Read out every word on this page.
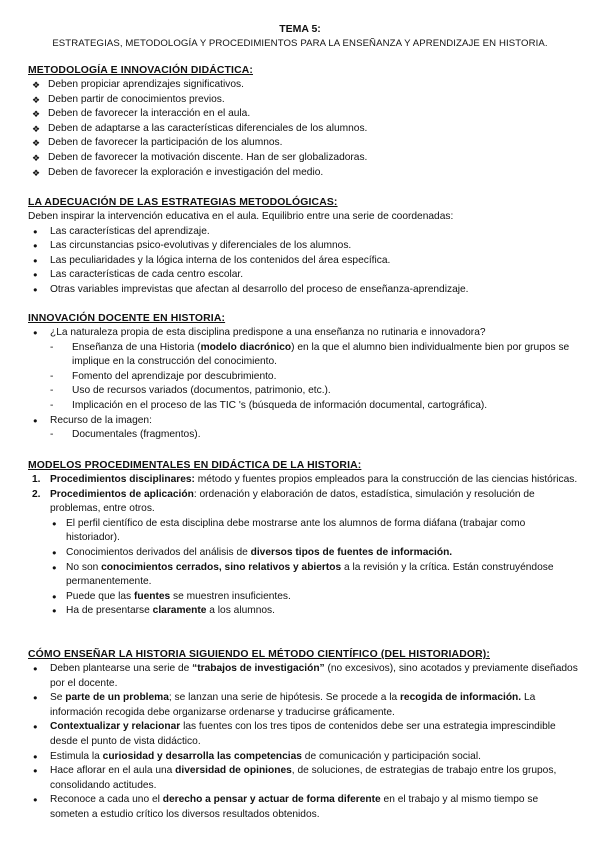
TEMA 5:
ESTRATEGIAS, METODOLOGÍA Y PROCEDIMIENTOS PARA LA ENSEÑANZA Y APRENDIZAJE EN HISTORIA.
METODOLOGÍA E INNOVACIÓN DIDÁCTICA:
❖ Deben propiciar aprendizajes significativos.
❖ Deben partir de conocimientos previos.
❖ Deben de favorecer la interacción en el aula.
❖ Deben de adaptarse a las características diferenciales de los alumnos.
❖ Deben de favorecer la participación de los alumnos.
❖ Deben de favorecer la motivación discente. Han de ser globalizadoras.
❖ Deben de favorecer la exploración e investigación del medio.
LA ADECUACIÓN DE LAS ESTRATEGIAS METODOLÓGICAS:

Deben inspirar la intervención educativa en el aula. Equilibrio entre una serie de coordenadas:

● Las características del aprendizaje.
● Las circunstancias psico-evolutivas y diferenciales de los alumnos.
● Las peculiaridades y la lógica interna de los contenidos del área específica.
● Las características de cada centro escolar.
● Otras variables imprevistas que afectan al desarrollo del proceso de enseñanza-aprendizaje.
INNOVACIÓN DOCENTE EN HISTORIA:
● ¿La naturaleza propia de esta disciplina predispone a una enseñanza no rutinaria e innovadora?
- Enseñanza de una Historia (modelo diacrónico) en la que el alumno bien individualmente bien por grupos se implique en la construcción del conocimiento.
- Fomento del aprendizaje por descubrimiento.
- Uso de recursos variados (documentos, patrimonio, etc.).
- Implicación en el proceso de las TIC 's (búsqueda de información documental, cartográfica).
● Recurso de la imagen:
- Documentales (fragmentos).
MODELOS PROCEDIMENTALES EN DIDÁCTICA DE LA HISTORIA:
1. Procedimientos disciplinares: método y fuentes propios empleados para la construcción de las ciencias históricas.
2. Procedimientos de aplicación: ordenación y elaboración de datos, estadística, simulación y resolución de problemas, entre otros.
● El perfil científico de esta disciplina debe mostrarse ante los alumnos de forma diáfana (trabajar como historiador).
● Conocimientos derivados del análisis de diversos tipos de fuentes de información.
● No son conocimientos cerrados, sino relativos y abiertos a la revisión y la crítica. Están construyéndose permanentemente.
● Puede que las fuentes se muestren insuficientes.
● Ha de presentarse claramente a los alumnos.
CÓMO ENSEÑAR LA HISTORIA SIGUIENDO EL MÉTODO CIENTÍFICO (DEL HISTORIADOR):
● Deben plantearse una serie de “trabajos de investigación” (no excesivos), sino acotados y previamente diseñados por el docente.
● Se parte de un problema; se lanzan una serie de hipótesis. Se procede a la recogida de información. La información recogida debe organizarse ordenarse y traducirse gráficamente.
● Contextualizar y relacionar las fuentes con los tres tipos de contenidos debe ser una estrategia imprescindible desde el punto de vista didáctico.
● Estimula la curiosidad y desarrolla las competencias de comunicación y participación social.
● Hace aflorar en el aula una diversidad de opiniones, de soluciones, de estrategias de trabajo entre los grupos, consolidando actitudes.
● Reconoce a cada uno el derecho a pensar y actuar de forma diferente en el trabajo y al mismo tiempo se someten a estudio crítico los diversos resultados obtenidos.
